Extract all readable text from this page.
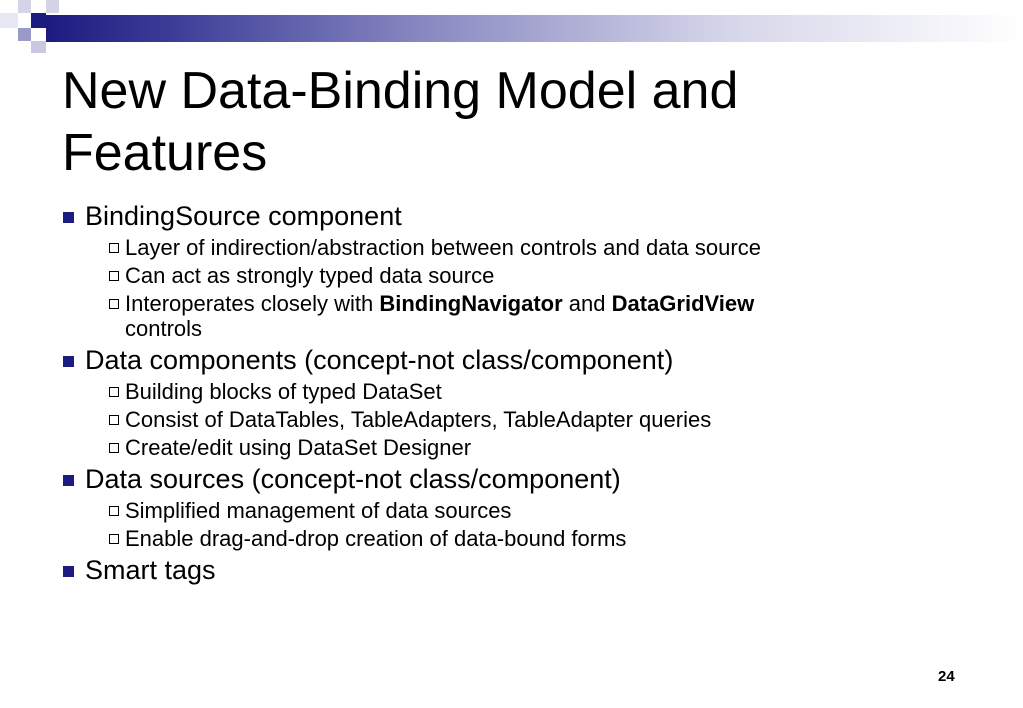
New Data-Binding Model and
Features
BindingSource component
Layer of indirection/abstraction between controls and data source
Can act as strongly typed data source
Interoperates closely with BindingNavigator and DataGridView
controls
Data components (concept-not class/component)
Building blocks of typed DataSet
Consist of DataTables, TableAdapters, TableAdapter queries
Create/edit using DataSet Designer
Data sources (concept-not class/component)
Simplified management of data sources
Enable drag-and-drop creation of data-bound forms
Smart tags
24
